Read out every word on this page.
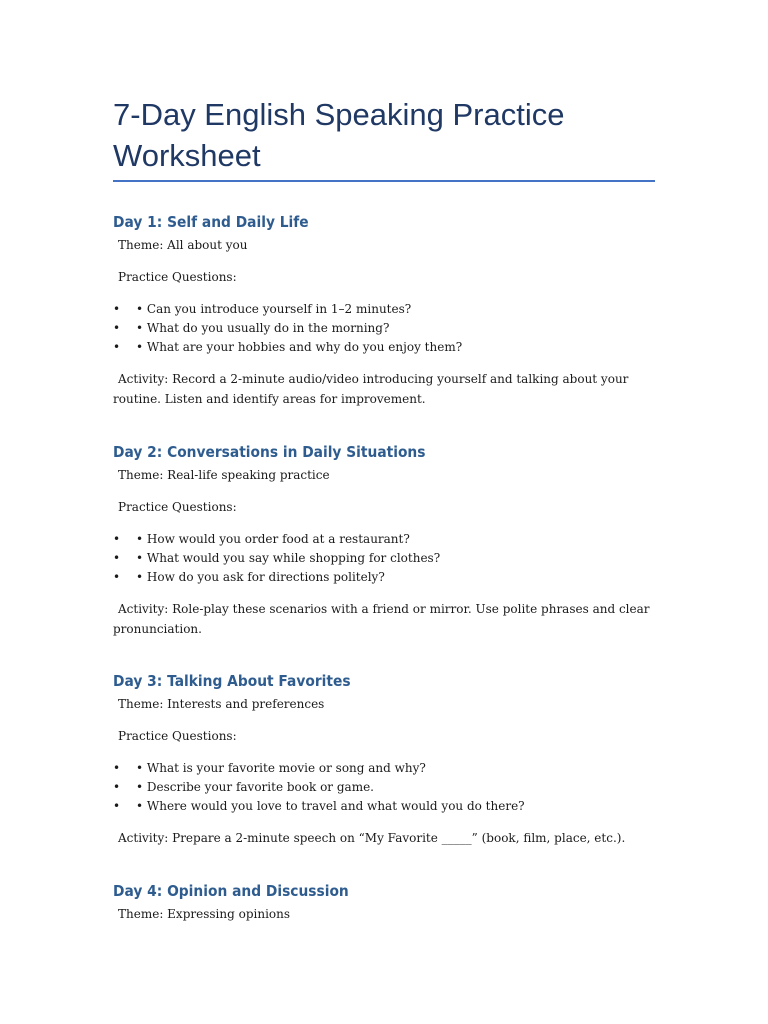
7-Day English Speaking Practice Worksheet
Day 1: Self and Daily Life

Theme: All about you

Practice Questions:

• • Can you introduce yourself in 1–2 minutes?
• • What do you usually do in the morning?
• • What are your hobbies and why do you enjoy them?

Activity: Record a 2-minute audio/video introducing yourself and talking about your routine. Listen and identify areas for improvement.

Day 2: Conversations in Daily Situations

Theme: Real-life speaking practice

Practice Questions:

• • How would you order food at a restaurant?
• • What would you say while shopping for clothes?
• • How do you ask for directions politely?

Activity: Role-play these scenarios with a friend or mirror. Use polite phrases and clear pronunciation.

Day 3: Talking About Favorites

Theme: Interests and preferences

Practice Questions:

• • What is your favorite movie or song and why?
• • Describe your favorite book or game.
• • Where would you love to travel and what would you do there?

Activity: Prepare a 2-minute speech on “My Favorite _____” (book, film, place, etc.).

Day 4: Opinion and Discussion

Theme: Expressing opinions
